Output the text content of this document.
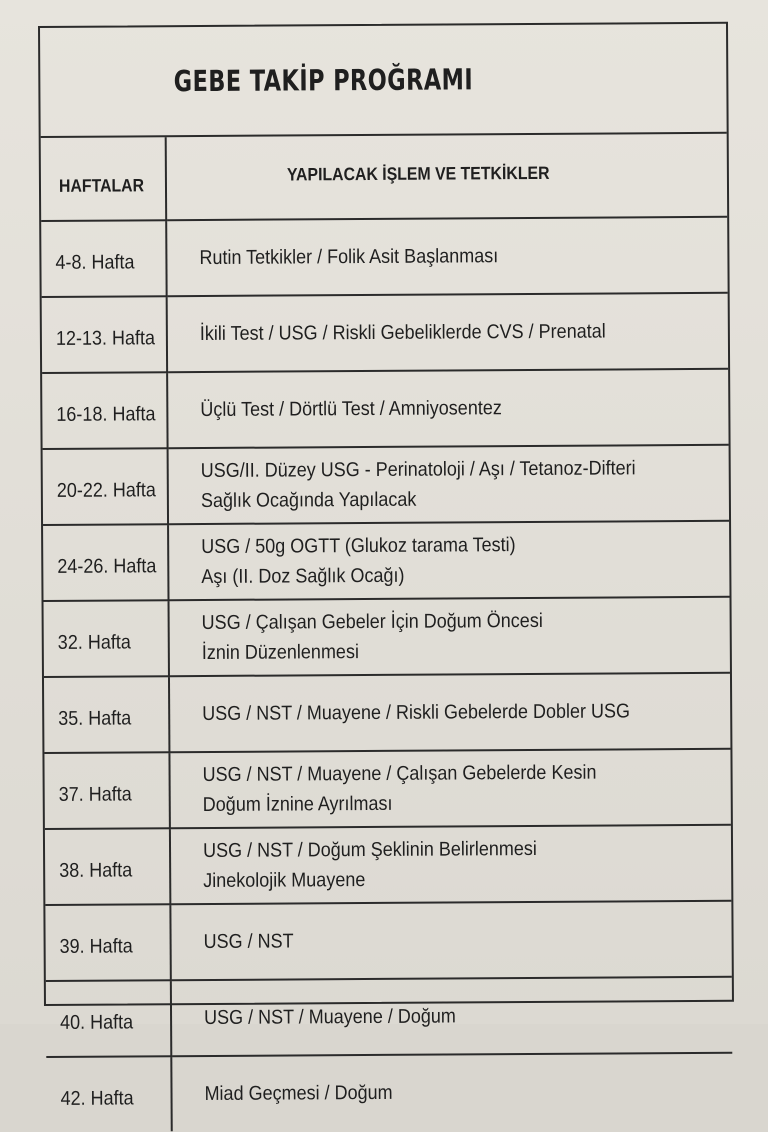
GEBE TAKİP PROĞRAMI
HAFTALAR	YAPILACAK İŞLEM VE TETKİKLER
4-8. Hafta	Rutin Tetkikler / Folik Asit Başlanması

12-13. Hafta	İkili Test / USG / Riskli Gebeliklerde CVS / Prenatal

16-18. Hafta	Üçlü Test / Dörtlü Test / Amniyosentez

20-22. Hafta	USG/II. Düzey USG - Perinatoloji / Aşı / Tetanoz-Difteri
Sağlık Ocağında Yapılacak

24-26. Hafta	USG / 50g OGTT (Glukoz tarama Testi)
Aşı (II. Doz Sağlık Ocağı)

32. Hafta	USG / Çalışan Gebeler İçin Doğum Öncesi
İznin Düzenlenmesi

35. Hafta	USG / NST / Muayene / Riskli Gebelerde Dobler USG

37. Hafta	USG / NST / Muayene / Çalışan Gebelerde Kesin
Doğum İznine Ayrılması

38. Hafta	USG / NST / Doğum Şeklinin Belirlenmesi
Jinekolojik Muayene

39. Hafta	USG / NST

40. Hafta	USG / NST / Muayene / Doğum

42. Hafta	Miad Geçmesi / Doğum
